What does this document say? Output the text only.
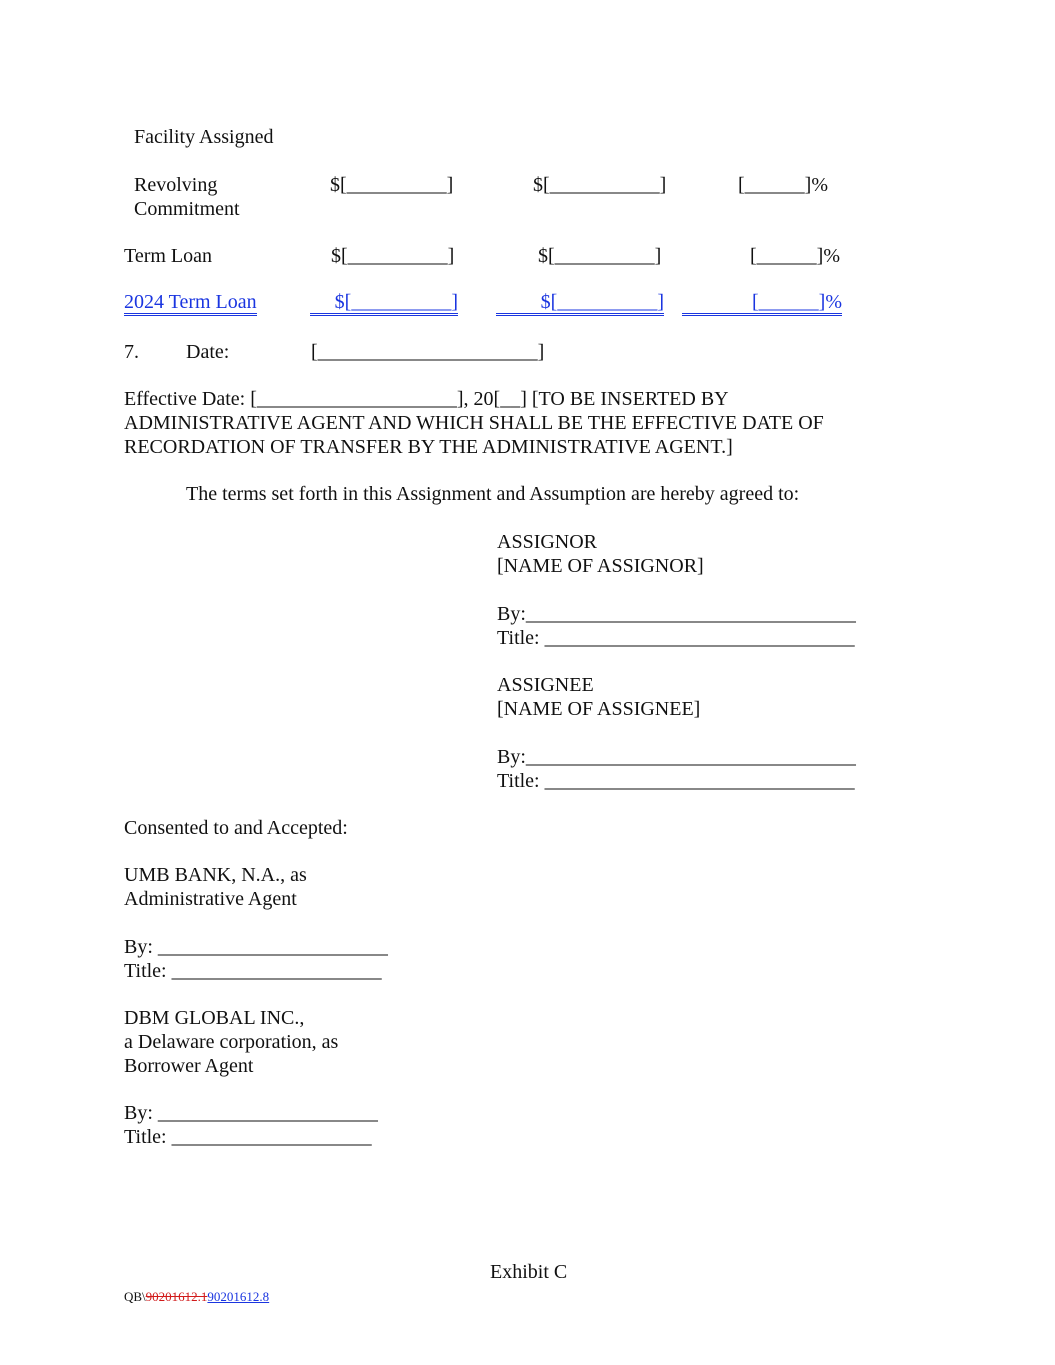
Facility Assigned
Revolving
Commitment
$[__________]	$[___________]	[______]%
Term Loan	$[__________]	$[__________]	[______]%
2024 Term Loan	$[__________]	$[__________]	[______]%
7. Date:	[______________________]
Effective Date: [____________________], 20[__] [TO BE INSERTED BY
ADMINISTRATIVE AGENT AND WHICH SHALL BE THE EFFECTIVE DATE OF
RECORDATION OF TRANSFER BY THE ADMINISTRATIVE AGENT.]
The terms set forth in this Assignment and Assumption are hereby agreed to:
ASSIGNOR
[NAME OF ASSIGNOR]
By:_________________________________
Title: _______________________________
ASSIGNEE
[NAME OF ASSIGNEE]
By:_________________________________
Title: _______________________________
Consented to and Accepted:
UMB BANK, N.A., as
Administrative Agent
By: _______________________
Title: _____________________
DBM GLOBAL INC.,
a Delaware corporation, as
Borrower Agent
By: ______________________
Title: ____________________
Exhibit C
QB\90201612.190201612.8
